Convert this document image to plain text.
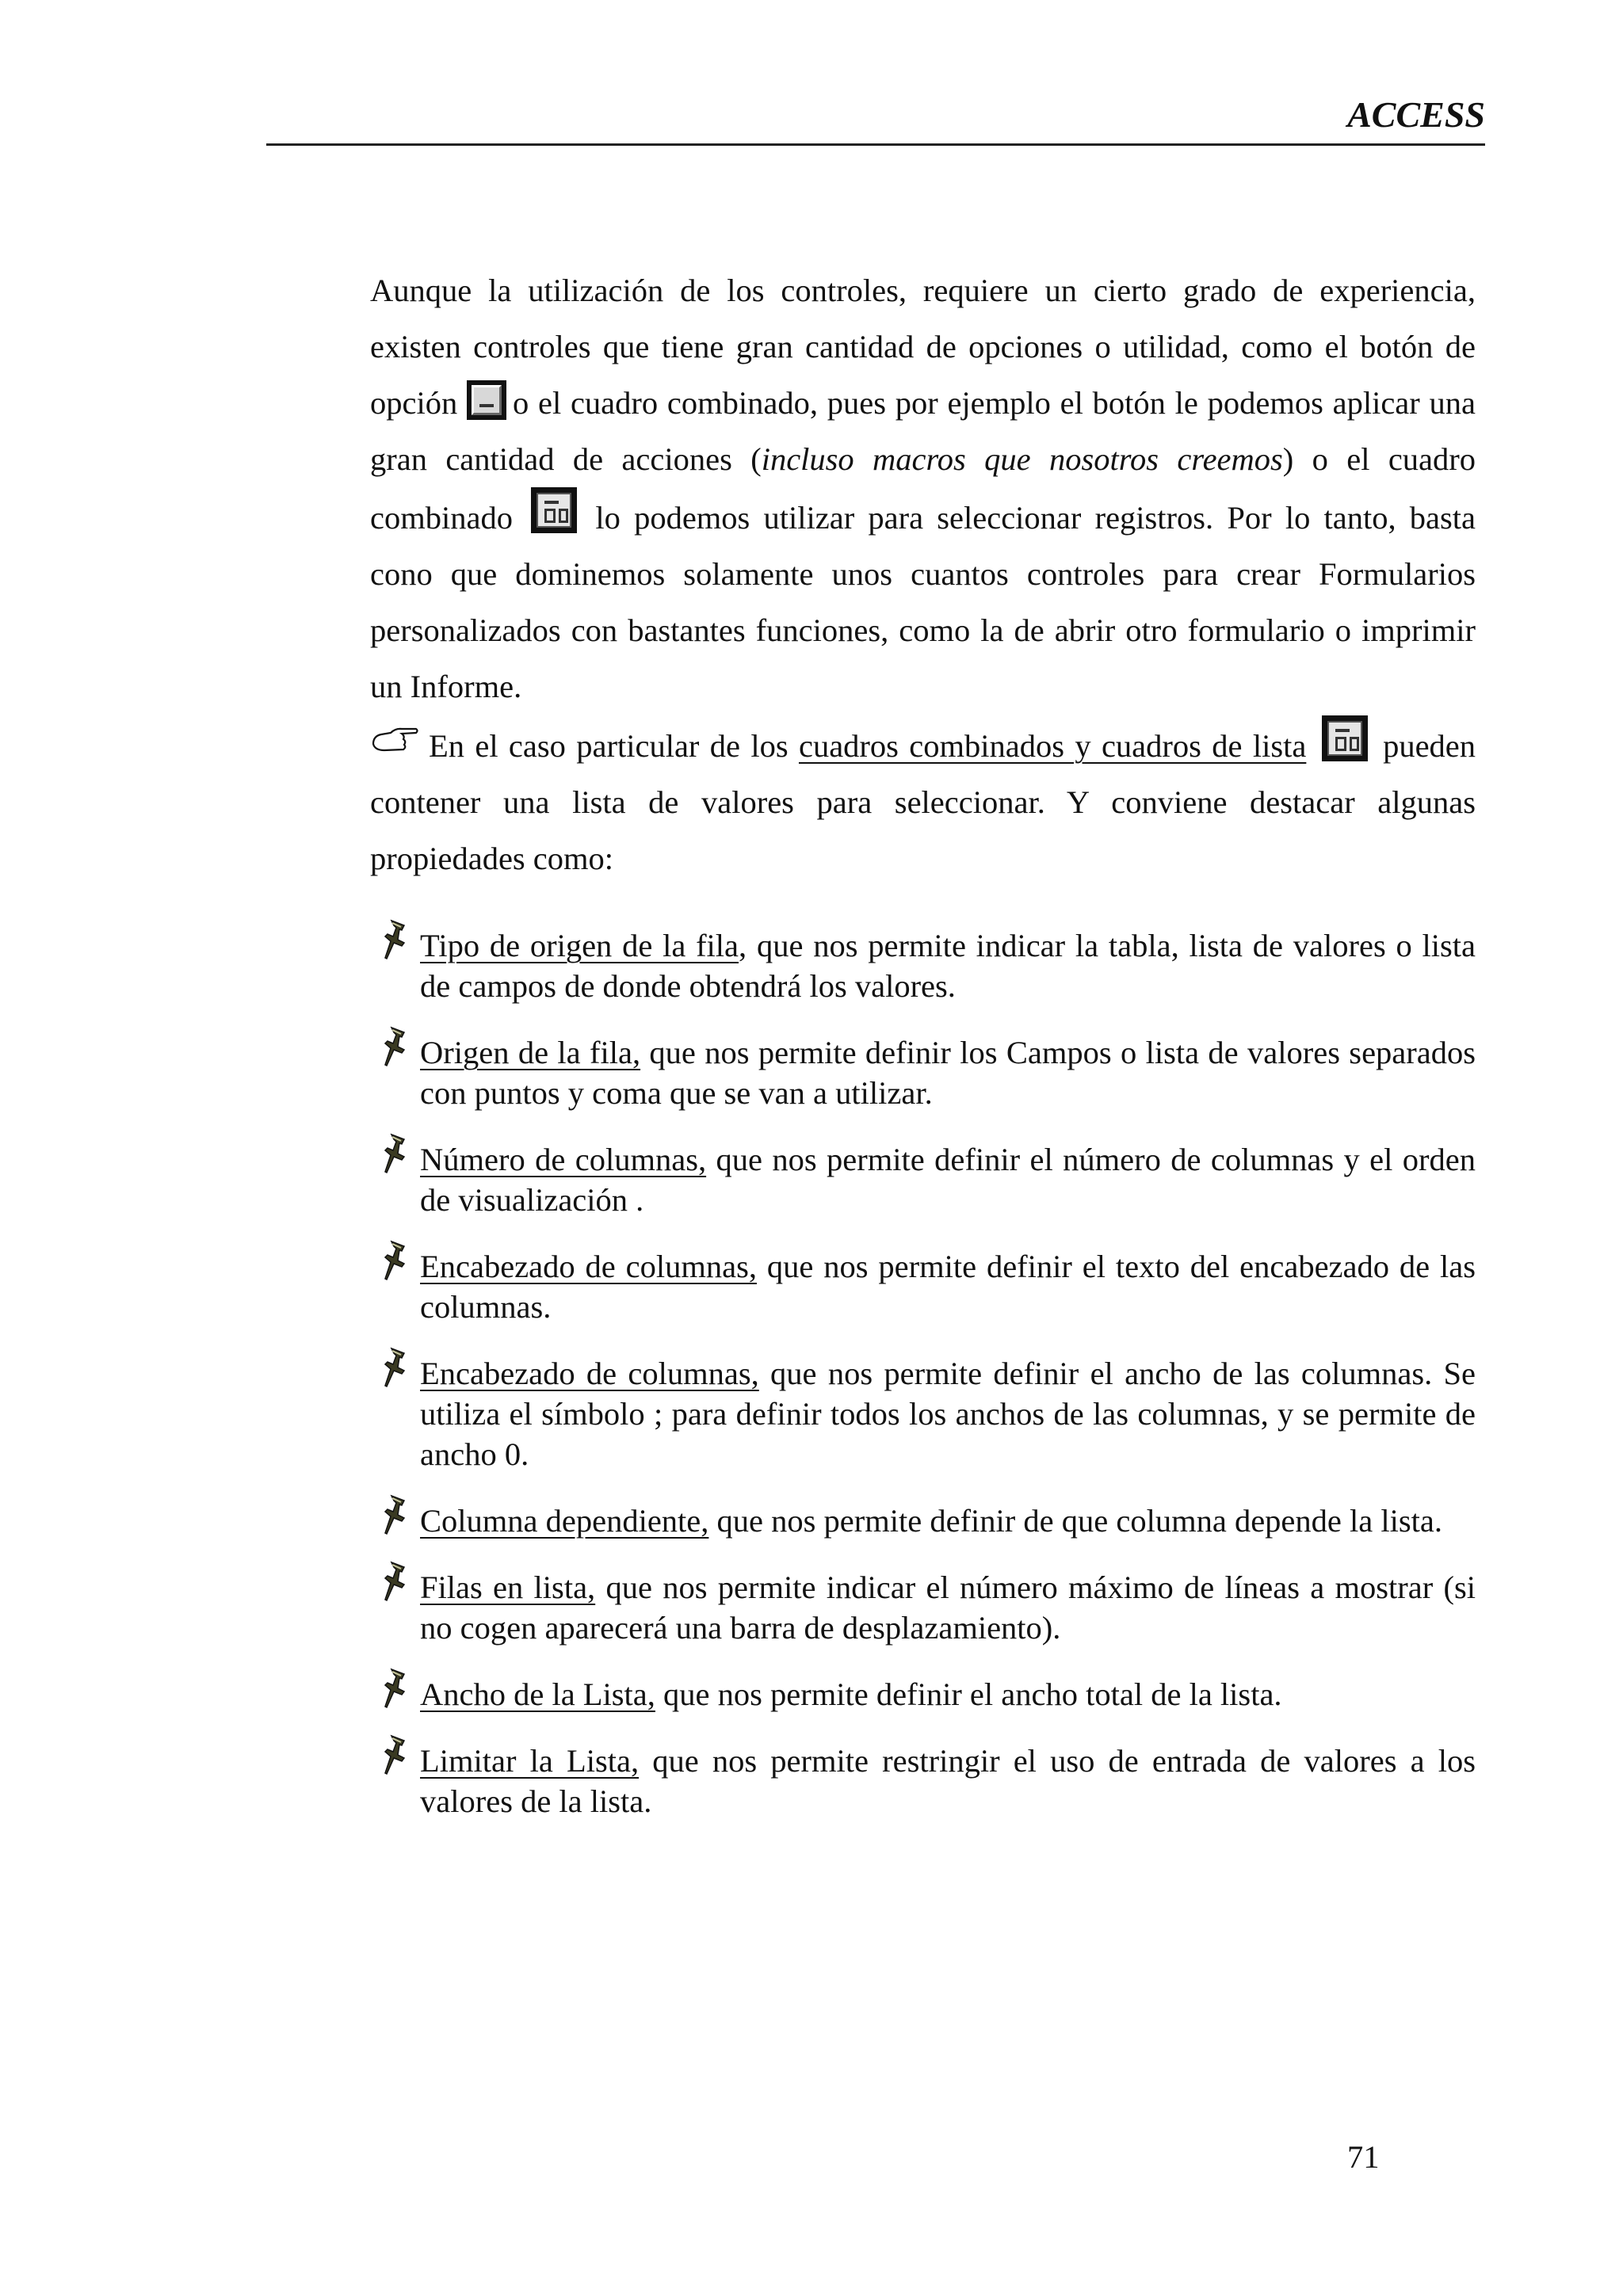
ACCESS

Aunque la utilización de los controles, requiere un cierto grado de experiencia, existen controles que tiene gran cantidad de opciones o utilidad, como el botón de opción o el cuadro combinado, pues por ejemplo el botón le podemos aplicar una gran cantidad de acciones (incluso macros que nosotros creemos) o el cuadro combinado	lo podemos utilizar para seleccionar registros. Por lo tanto, basta cono que dominemos solamente unos cuantos controles para crear Formularios personalizados con bastantes funciones, como la de abrir otro formulario o imprimir un Informe.

En el caso particular de los cuadros combinados y cuadros de lista pueden contener una lista de valores para seleccionar. Y conviene destacar algunas propiedades como:

Tipo de origen de la fila, que nos permite indicar la tabla, lista de valores o lista de campos de donde obtendrá los valores.
Origen de la fila, que nos permite definir los Campos o lista de valores separados con puntos y coma que se van a utilizar.
Número de columnas, que nos permite definir el número de columnas y el orden de visualización .
Encabezado de columnas, que nos permite definir el texto del encabezado de las columnas.
Encabezado de columnas, que nos permite definir el ancho de las columnas. Se utiliza el símbolo ; para definir todos los anchos de las columnas, y se permite de ancho 0.
Columna dependiente, que nos permite definir de que columna depende la lista.
Filas en lista, que nos permite indicar el número máximo de líneas a mostrar (si no cogen aparecerá una barra de desplazamiento).
Ancho de la Lista, que nos permite definir el ancho total de la lista.
Limitar la Lista, que nos permite restringir el uso de entrada de valores a los valores de la lista.
71
